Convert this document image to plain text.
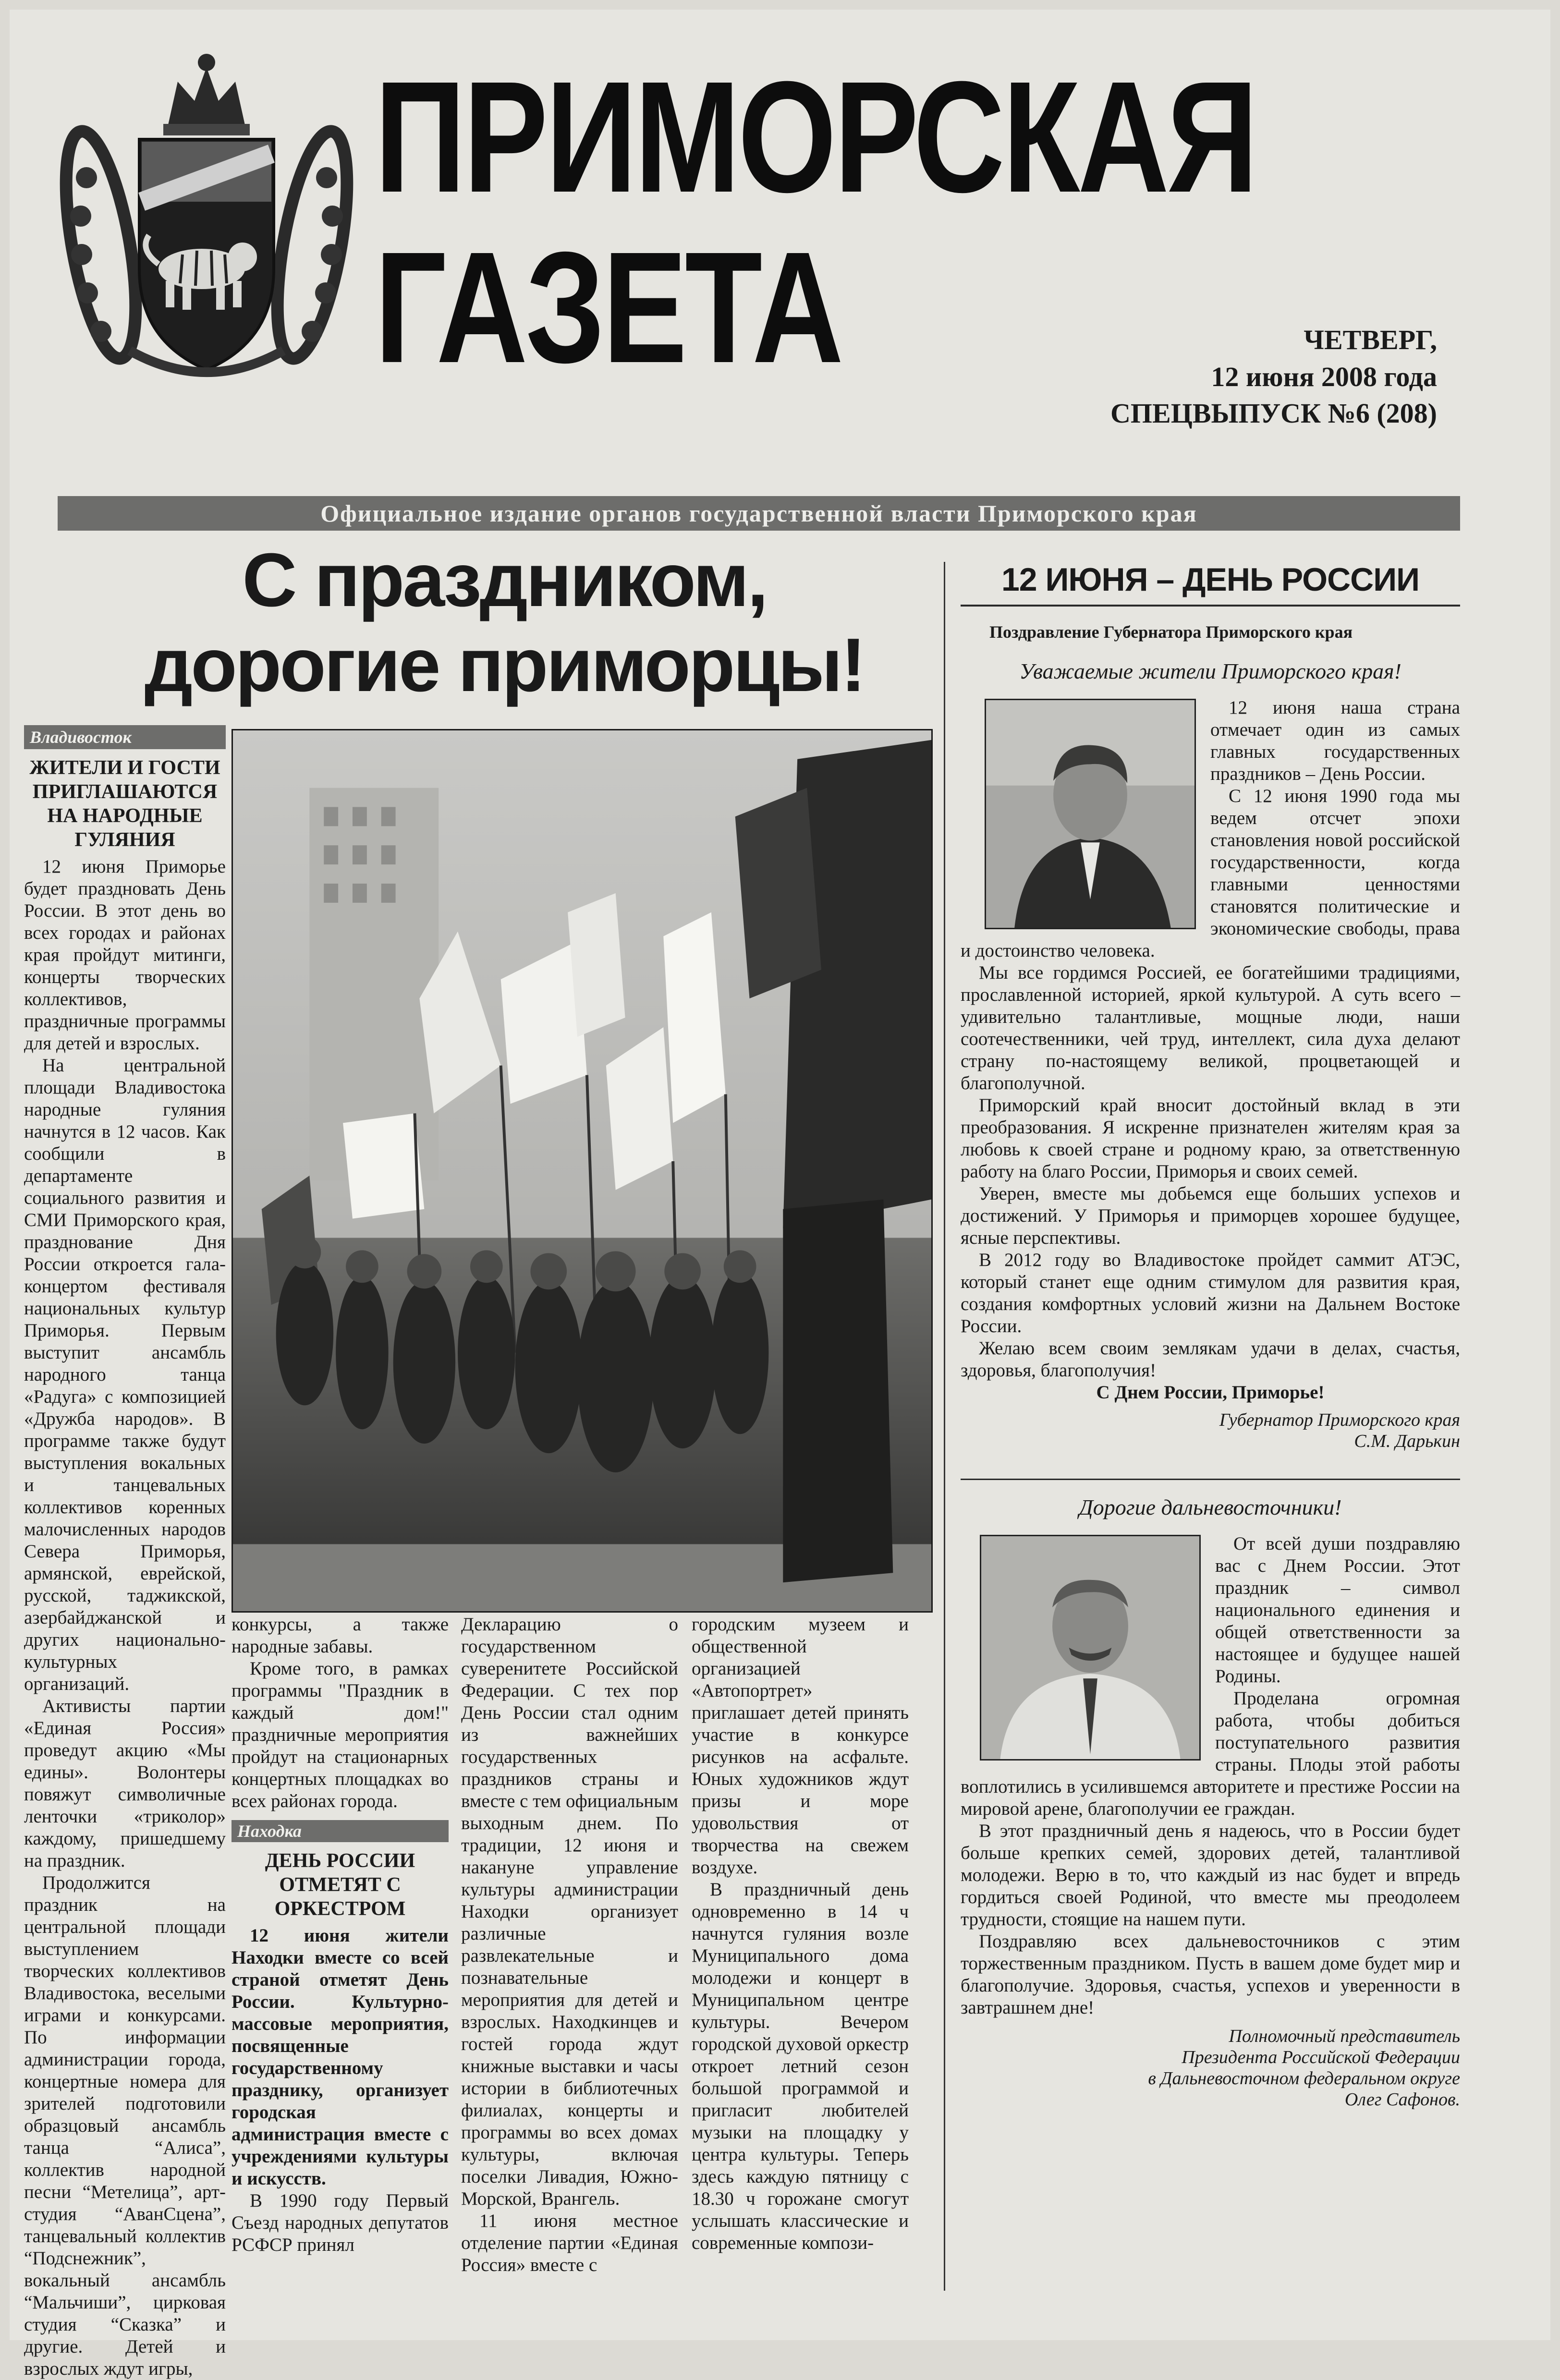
ПРИМОРСКАЯ
ГАЗЕТА	ЧЕТВЕРГ,
12 июня 2008 года
СПЕЦВЫПУСК №6 (208)
Официальное издание органов государственной власти Приморского края
С праздником,
дорогие приморцы!
Владивосток
ЖИТЕЛИ И ГОСТИ ПРИГЛАШАЮТСЯ НА НАРОДНЫЕ ГУЛЯНИЯ

12 июня Приморье будет праздновать День России. В этот день во всех городах и районах края пройдут митинги, концерты творческих коллективов, праздничные программы для детей и взрослых.

На центральной площади Владивостока народные гуляния начнутся в 12 часов. Как сообщили в департаменте социального развития и СМИ Приморского края, празднование Дня России откроется гала-концертом фестиваля национальных культур Приморья. Первым выступит ансамбль народного танца «Радуга» с композицией «Дружба народов». В программе также будут выступления вокальных и танцевальных коллективов коренных малочисленных народов Севера Приморья, армянской, еврейской, русской, таджикской, азербайджанской и других национально-культурных организаций.

Активисты партии «Единая Россия» проведут акцию «Мы едины». Волонтеры повяжут символичные ленточки «триколор» каждому, пришедшему на праздник.

Продолжится праздник на центральной площади выступлением творческих коллективов Владивостока, веселыми играми и конкурсами. По информации администрации города, концертные номера для зрителей подготовили образцовый ансамбль танца “Алиса”, коллектив народной песни “Метелица”, арт-студия “АванСцена”, танцевальный коллектив “Подснежник”, вокальный ансамбль “Мальчиши”, цирковая студия “Сказка” и другие. Детей и взрослых ждут игры,

конкурсы, а также народные забавы.

Кроме того, в рамках программы "Праздник в каждый дом!" праздничные мероприятия пройдут на стационарных концертных площадках во всех районах города.

Находка
ДЕНЬ РОССИИ ОТМЕТЯТ С ОРКЕСТРОМ

12 июня жители Находки вместе со всей страной отметят День России. Культурно-массовые мероприятия, посвященные государственному празднику, организует городская администрация вместе с учреждениями культуры и искусств.

В 1990 году Первый Съезд народных депутатов РСФСР принял

Декларацию о государственном суверенитете Российской Федерации. С тех пор День России стал одним из важнейших государственных праздников страны и вместе с тем официальным выходным днем. По традиции, 12 июня и накануне управление культуры администрации Находки организует различные развлекательные и познавательные мероприятия для детей и взрослых. Находкинцев и гостей города ждут книжные выставки и часы истории в библиотечных филиалах, концерты и программы во всех домах культуры, включая поселки Ливадия, Южно-Морской, Врангель.

11 июня местное отделение партии «Единая Россия» вместе с

городским музеем и общественной организацией «Автопортрет» приглашает детей принять участие в конкурсе рисунков на асфальте. Юных художников ждут призы и море удовольствия от творчества на свежем воздухе.

В праздничный день одновременно в 14 ч начнутся гуляния возле Муниципального дома молодежи и концерт в Муниципальном центре культуры. Вечером городской духовой оркестр откроет летний сезон большой программой и пригласит любителей музыки на площадку у центра культуры. Теперь здесь каждую пятницу с 18.30 ч горожане смогут услышать классические и современные компози-

12 ИЮНЯ – ДЕНЬ РОССИИ
Поздравление Губернатора Приморского края
Уважаемые жители Приморского края!

12 июня наша страна отмечает один из самых главных государственных праздников – День России.

С 12 июня 1990 года мы ведем отсчет эпохи становления новой российской государственности, когда главными ценностями становятся политические и экономические свободы, права и достоинство человека.

Мы все гордимся Россией, ее богатейшими традициями, прославленной историей, яркой культурой. А суть всего – удивительно талантливые, мощные люди, наши соотечественники, чей труд, интеллект, сила духа делают страну по-настоящему великой, процветающей и благополучной.

Приморский край вносит достойный вклад в эти преобразования. Я искренне признателен жителям края за любовь к своей стране и родному краю, за ответственную работу на благо России, Приморья и своих семей.

Уверен, вместе мы добьемся еще больших успехов и достижений. У Приморья и приморцев хорошее будущее, ясные перспективы.

В 2012 году во Владивостоке пройдет саммит АТЭС, который станет еще одним стимулом для развития края, создания комфортных условий жизни на Дальнем Востоке России.

Желаю всем своим землякам удачи в делах, счастья, здоровья, благополучия!

С Днем России, Приморье!

Губернатор Приморского края
С.М. Дарькин
Дорогие дальневосточники!

От всей души поздравляю вас с Днем России. Этот праздник – символ национального единения и общей ответственности за настоящее и будущее нашей Родины.

Проделана огромная работа, чтобы добиться поступательного развития страны. Плоды этой работы воплотились в усилившемся авторитете и престиже России на мировой арене, благополучии ее граждан.

В этот праздничный день я надеюсь, что в России будет больше крепких семей, здорових детей, талантливой молодежи. Верю в то, что каждый из нас будет и впредь гордиться своей Родиной, что вместе мы преодолеем трудности, стоящие на нашем пути.

Поздравляю всех дальневосточников с этим торжественным праздником. Пусть в вашем доме будет мир и благополучие. Здоровья, счастья, успехов и уверенности в завтрашнем дне!

Полномочный представитель
Президента Российской Федерации
в Дальневосточном федеральном округе
Олег Сафонов.
